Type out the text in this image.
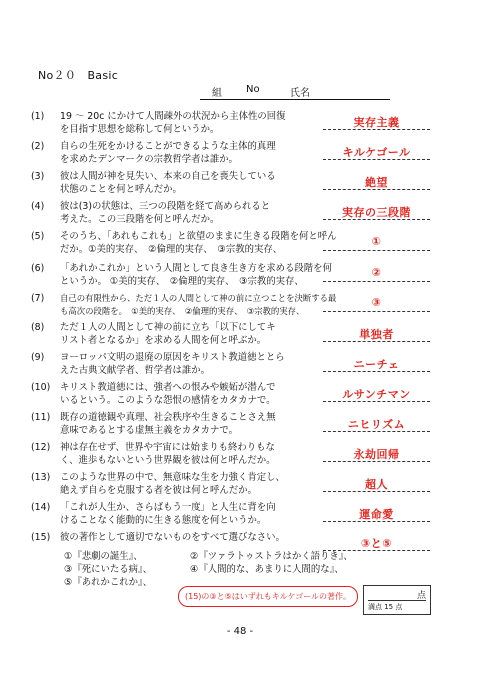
No２０　Basic
組 No	氏名
(1)	19 ～ 20c にかけて人間疎外の状況から主体性の回復
を目指す思想を総称して何というか。
実存主義
(2)	自らの生死をかけることができるような主体的真理
を求めたデンマークの宗教哲学者は誰か。
キルケゴール
(3)	彼は人間が神を見失い、本来の自己を喪失している
状態のことを何と呼んだか。
絶望
(4)	彼は(3)の状態は、三つの段階を経て高められると
考えた。この三段階を何と呼んだか。
実存の三段階
(5)	そのうち、「あれもこれも」と欲望のままに生きる段階を何と呼ん
だか。①美的実存、　②倫理的実存、　③宗教的実存、
①
(6)	「あれかこれか」という人間として良き生き方を求める段階を何
というか。 ①美的実存、　②倫理的実存、　③宗教的実存、
②
(7)	自己の有限性から、ただ１人の人間として神の前に立つことを決断する最
も高次の段階を。　①美的実存、　②倫理的実存、　③宗教的実存、
③
(8)	ただ１人の人間として神の前に立ち「以下にしてキ
リスト者となるか」を求める人間を何と呼ぶか。	単独者
(9)	ヨーロッパ文明の退廃の原因をキリスト教道徳ととら
えた古典文献学者、哲学者は誰か。	ニーチェ
(10)	キリスト教道徳には、強者への恨みや嫉妬が潜んで
いるという。このような怨恨の感情をカタカナで。	ルサンチマン
(11)	既存の道徳観や真理、社会秩序や生きることさえ無
意味であるとする虚無主義をカタカナで。	ニヒリズム
(12)	神は存在せず、世界や宇宙には始まりも終わりもな
く、進歩もないという世界観を彼は何と呼んだか。	永劫回帰
(13)	このような世界の中で、無意味な生を力強く肯定し、
絶えず自らを克服する者を彼は何と呼んだか。	超人
(14)	「これが人生か、さらばもう一度」と人生に背を向
けることなく能動的に生きる態度を何というか。	運命愛
(15)	彼の著作として適切でないものをすべて選びなさい。	③と⑤
①『悲劇の誕生』、	②『ツァラトゥストラはかく語りき』、
③『死にいたる病』、	④『人間的な、あまりに人間的な』、
⑤『あれかこれか』、
(15)の③と⑤はいずれもキルケゴールの著作。	点
満点 15 点
- 48 -
